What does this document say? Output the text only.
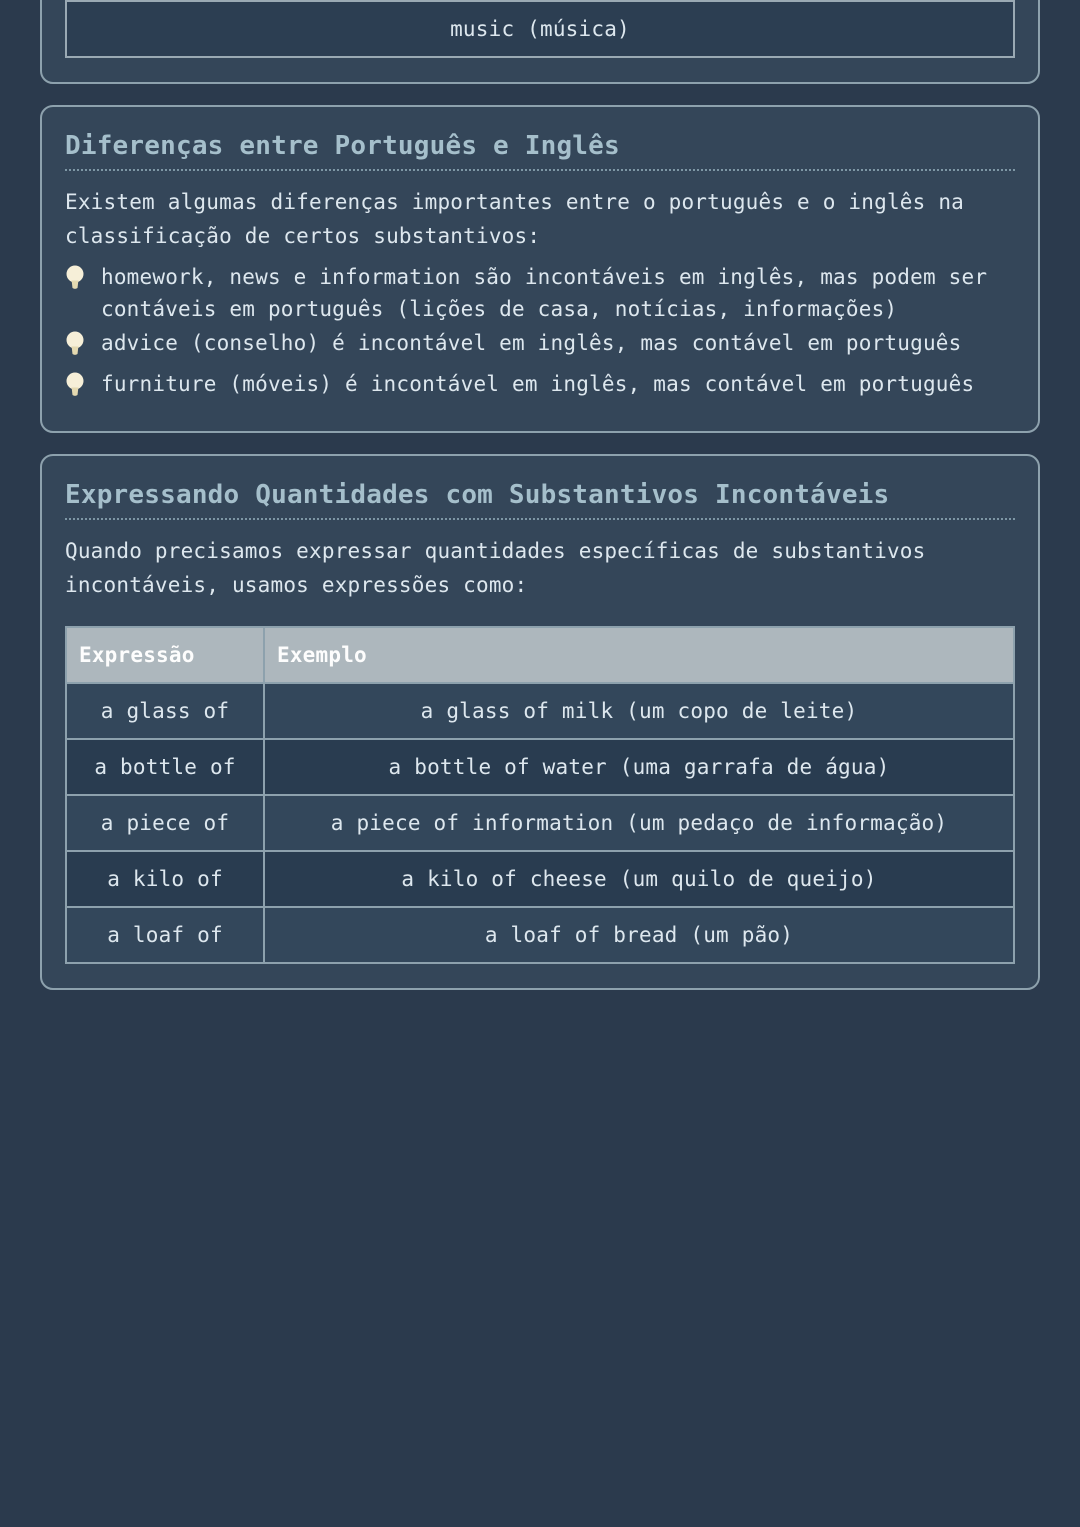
music (música)
Diferenças entre Português e Inglês

Existem algumas diferenças importantes entre o português e o inglês na classificação de certos substantivos:

homework, news e information são incontáveis em inglês, mas podem ser contáveis em português (lições de casa, notícias, informações)
advice (conselho) é incontável em inglês, mas contável em português
furniture (móveis) é incontável em inglês, mas contável em português
Expressando Quantidades com Substantivos Incontáveis

Quando precisamos expressar quantidades específicas de substantivos incontáveis, usamos expressões como:

Expressão	Exemplo
a glass of	a glass of milk (um copo de leite)
a bottle of	a bottle of water (uma garrafa de água)
a piece of	a piece of information (um pedaço de informação)
a kilo of	a kilo of cheese (um quilo de queijo)
a loaf of	a loaf of bread (um pão)
